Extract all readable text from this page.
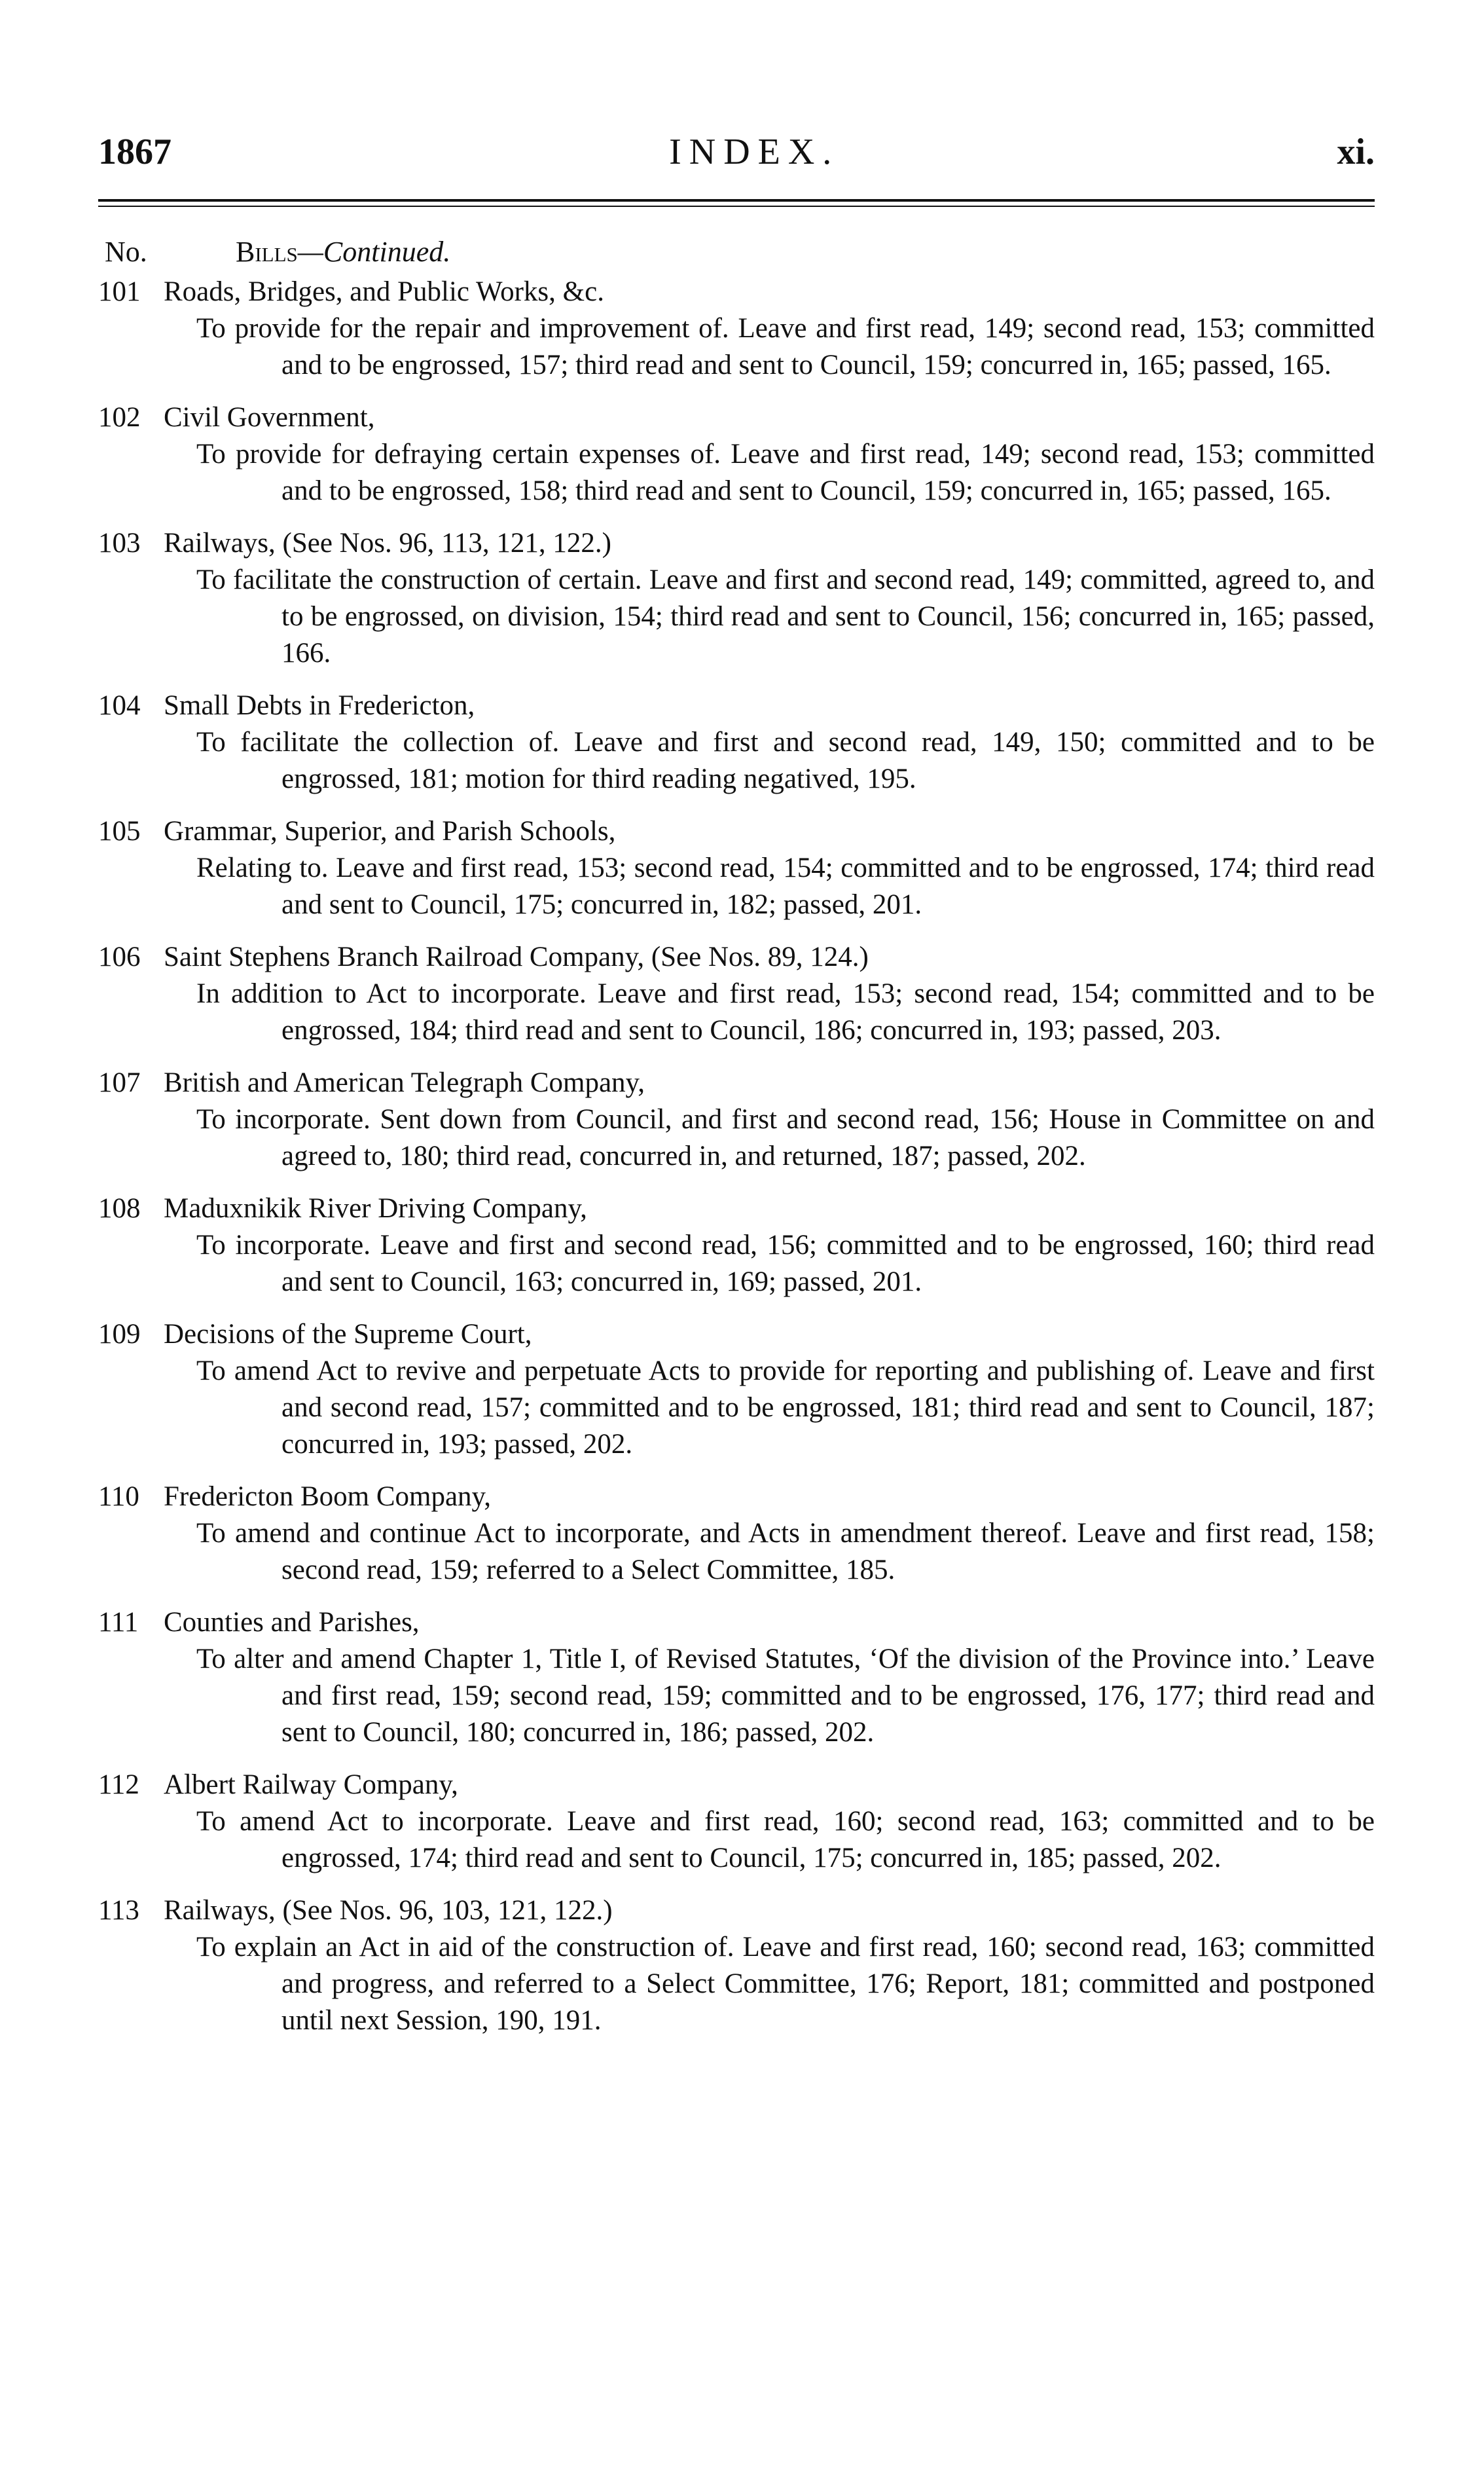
1867	INDEX.	xi.
No.	Bills—Continued.
101 Roads, Bridges, and Public Works, &c.
To provide for the repair and improvement of. Leave and first read, 149; second read, 153; committed and to be engrossed, 157; third read and sent to Council, 159; concurred in, 165; passed, 165.
102 Civil Government,
To provide for defraying certain expenses of. Leave and first read, 149; second read, 153; committed and to be engrossed, 158; third read and sent to Council, 159; concurred in, 165; passed, 165.
103 Railways, (See Nos. 96, 113, 121, 122.)
To facilitate the construction of certain. Leave and first and second read, 149; committed, agreed to, and to be engrossed, on division, 154; third read and sent to Council, 156; concurred in, 165; passed, 166.
104 Small Debts in Fredericton,
To facilitate the collection of. Leave and first and second read, 149, 150; committed and to be engrossed, 181; motion for third reading negatived, 195.
105 Grammar, Superior, and Parish Schools,
Relating to. Leave and first read, 153; second read, 154; committed and to be engrossed, 174; third read and sent to Council, 175; concurred in, 182; passed, 201.
106 Saint Stephens Branch Railroad Company, (See Nos. 89, 124.)
In addition to Act to incorporate. Leave and first read, 153; second read, 154; committed and to be engrossed, 184; third read and sent to Council, 186; concurred in, 193; passed, 203.
107 British and American Telegraph Company,
To incorporate. Sent down from Council, and first and second read, 156; House in Committee on and agreed to, 180; third read, concurred in, and returned, 187; passed, 202.
108 Maduxnikik River Driving Company,
To incorporate. Leave and first and second read, 156; committed and to be engrossed, 160; third read and sent to Council, 163; concurred in, 169; passed, 201.
109 Decisions of the Supreme Court,
To amend Act to revive and perpetuate Acts to provide for reporting and publishing of. Leave and first and second read, 157; committed and to be engrossed, 181; third read and sent to Council, 187; concurred in, 193; passed, 202.
110 Fredericton Boom Company,
To amend and continue Act to incorporate, and Acts in amendment thereof. Leave and first read, 158; second read, 159; referred to a Select Committee, 185.
111 Counties and Parishes,
To alter and amend Chapter 1, Title I, of Revised Statutes, ‘Of the division of the Province into.’ Leave and first read, 159; second read, 159; committed and to be engrossed, 176, 177; third read and sent to Council, 180; concurred in, 186; passed, 202.
112 Albert Railway Company,
To amend Act to incorporate. Leave and first read, 160; second read, 163; committed and to be engrossed, 174; third read and sent to Council, 175; concurred in, 185; passed, 202.
113 Railways, (See Nos. 96, 103, 121, 122.)
To explain an Act in aid of the construction of. Leave and first read, 160; second read, 163; committed and progress, and referred to a Select Committee, 176; Report, 181; committed and postponed until next Session, 190, 191.
